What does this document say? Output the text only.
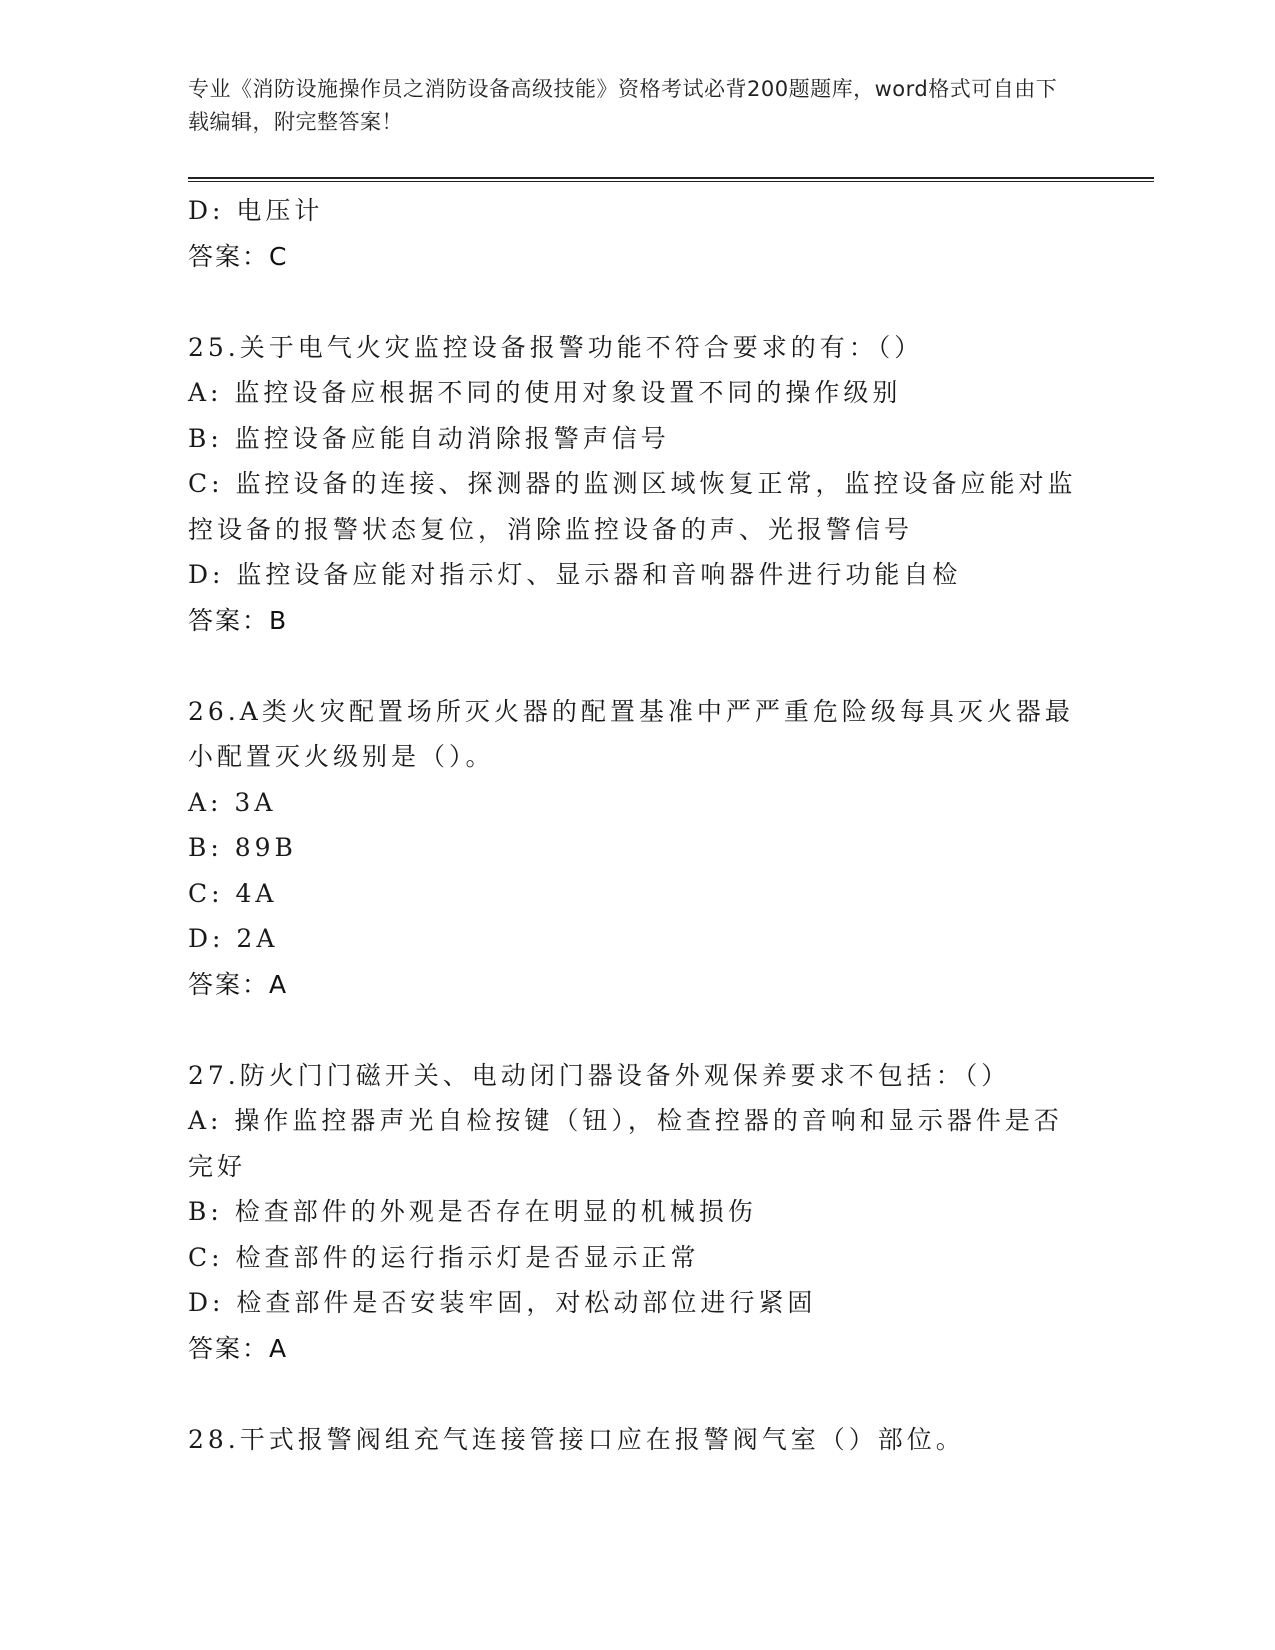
专业《消防设施操作员之消防设备高级技能》资格考试必背200题题库，word格式可自由下载编辑，附完整答案！
D: 电压计
答案：C
25.关于电气火灾监控设备报警功能不符合要求的有：（）
A: 监控设备应根据不同的使用对象设置不同的操作级别
B: 监控设备应能自动消除报警声信号
C: 监控设备的连接、探测器的监测区域恢复正常，监控设备应能对监
控设备的报警状态复位，消除监控设备的声、光报警信号
D: 监控设备应能对指示灯、显示器和音响器件进行功能自检
答案：B
26.A类火灾配置场所灭火器的配置基准中严严重危险级每具灭火器最
小配置灭火级别是（）。
A: 3A
B: 89B
C: 4A
D: 2A
答案：A
27.防火门门磁开关、电动闭门器设备外观保养要求不包括：（）
A: 操作监控器声光自检按键（钮），检查控器的音响和显示器件是否
完好
B: 检查部件的外观是否存在明显的机械损伤
C: 检查部件的运行指示灯是否显示正常
D: 检查部件是否安装牢固，对松动部位进行紧固
答案：A
28.干式报警阀组充气连接管接口应在报警阀气室（）部位。
